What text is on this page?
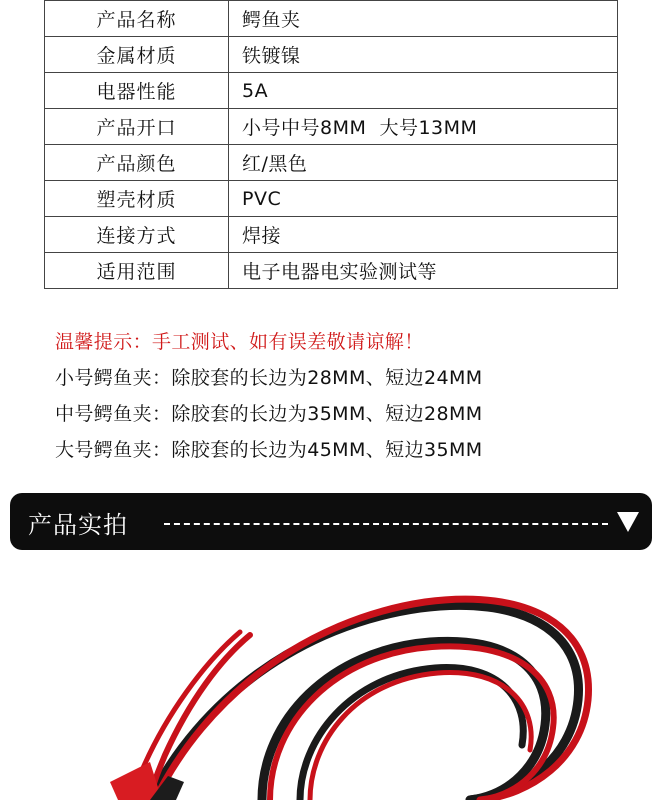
产品名称	鳄鱼夹
金属材质	铁镀镍
电器性能	5A
产品开口	小号中号8MM  大号13MM
产品颜色	红/黑色
塑壳材质	PVC
连接方式	焊接
适用范围	电子电器电实验测试等
温馨提示：手工测试、如有误差敬请谅解！
小号鳄鱼夹：除胶套的长边为28MM、短边24MM
中号鳄鱼夹：除胶套的长边为35MM、短边28MM
大号鳄鱼夹：除胶套的长边为45MM、短边35MM
产品实拍
